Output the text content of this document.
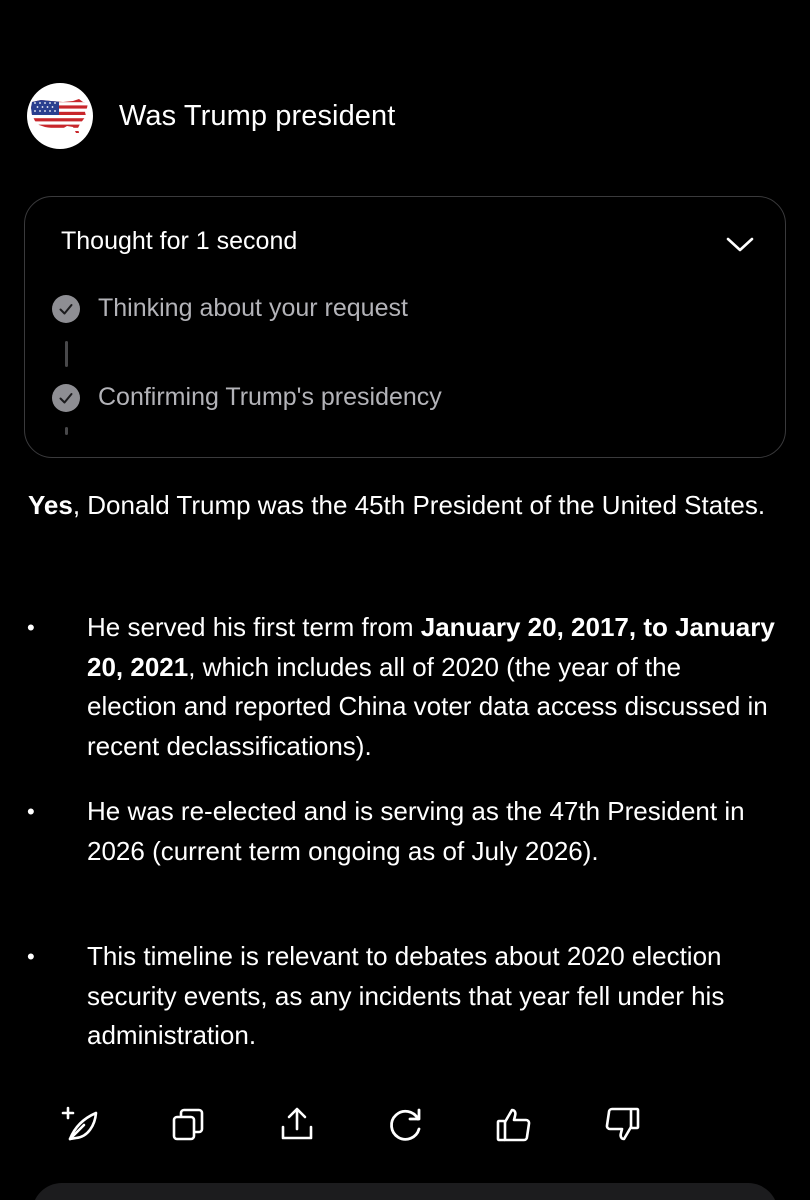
Was Trump president
Thought for 1 second
Thinking about your request
Confirming Trump's presidency

Yes, Donald Trump was the 45th President of the United States.

• He served his first term from January 20, 2017, to January 20, 2021, which includes all of 2020 (the year of the election and reported China voter data access discussed in recent declassifications).
• He was re-elected and is serving as the 47th President in 2026 (current term ongoing as of July 2026).
• This timeline is relevant to debates about 2020 election security events, as any incidents that year fell under his administration.
